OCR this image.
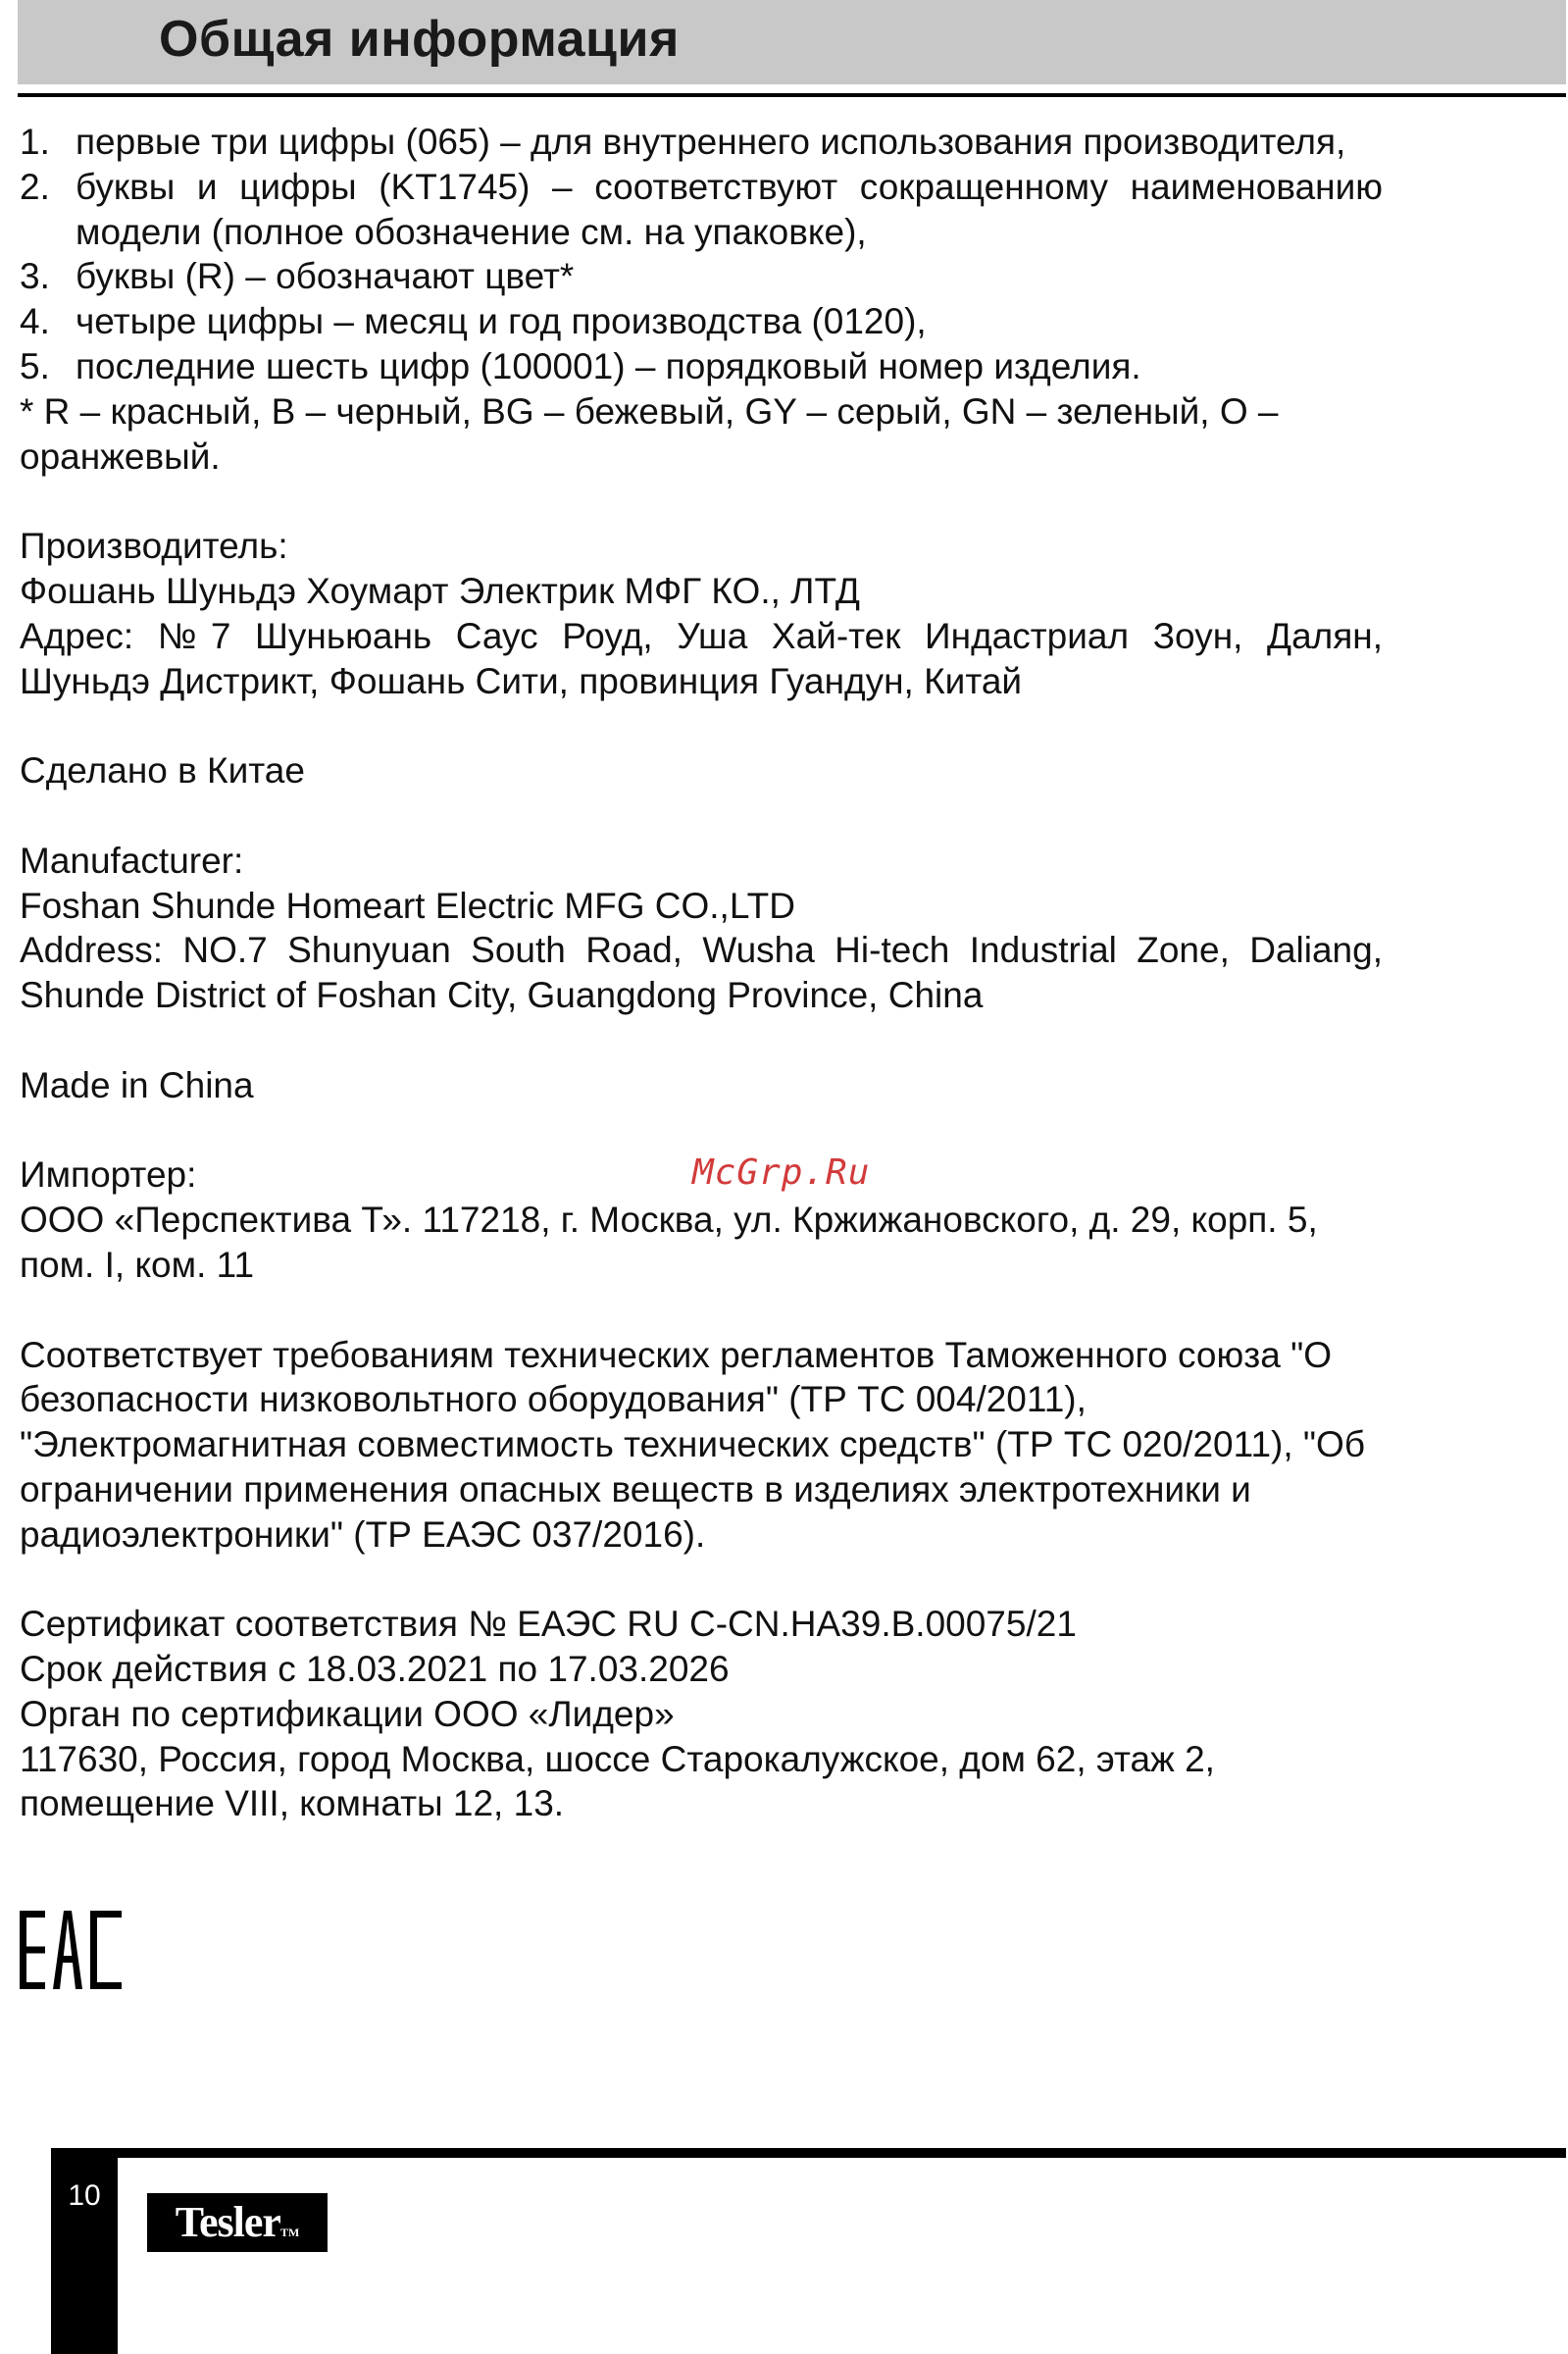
Общая информация
1. первые три цифры (065) – для внутреннего использования производителя,
2. буквы и цифры (KT1745) – соответствуют сокращенному наименованию модели (полное обозначение см. на упаковке),
3. буквы (R) – обозначают цвет*
4. четыре цифры – месяц и год производства (0120),
5. последние шесть цифр (100001) – порядковый номер изделия.

* R – красный, B – черный, BG – бежевый, GY – серый, GN – зеленый, O – оранжевый.

Производитель:

Фошань Шуньдэ Хоумарт Электрик МФГ КО., ЛТД

Адрес: №7 Шуньюань Саус Роуд, Уша Хай-тек Индастриал Зоун, Далян, Шуньдэ Дистрикт, Фошань Сити, провинция Гуандун, Китай

Сделано в Китае

Manufacturer:

Foshan Shunde Homeart Electric MFG CO.,LTD

Address: NO.7 Shunyuan South Road, Wusha Hi-tech Industrial Zone, Daliang, Shunde District of Foshan City, Guangdong Province, China

Made in China

Импортер:

ООО «Перспектива Т». 117218, г. Москва, ул. Кржижановского, д. 29, корп. 5, пом. I, ком. 11

Соответствует требованиям технических регламентов Таможенного союза "О безопасности низковольтного оборудования" (ТР ТС 004/2011), "Электромагнитная совместимость технических средств" (ТР ТС 020/2011), "Об ограничении применения опасных веществ в изделиях электротехники и радиоэлектроники" (ТР ЕАЭС 037/2016).

Сертификат соответствия № ЕАЭС RU C-CN.НА39.В.00075/21

Срок действия с 18.03.2021 по 17.03.2026

Орган по сертификации ООО «Лидер»

117630, Россия, город Москва, шоссе Старокалужское, дом 62, этаж 2, помещение VIII, комнаты 12, 13.

McGrp.Ru
10
TeslerTM
